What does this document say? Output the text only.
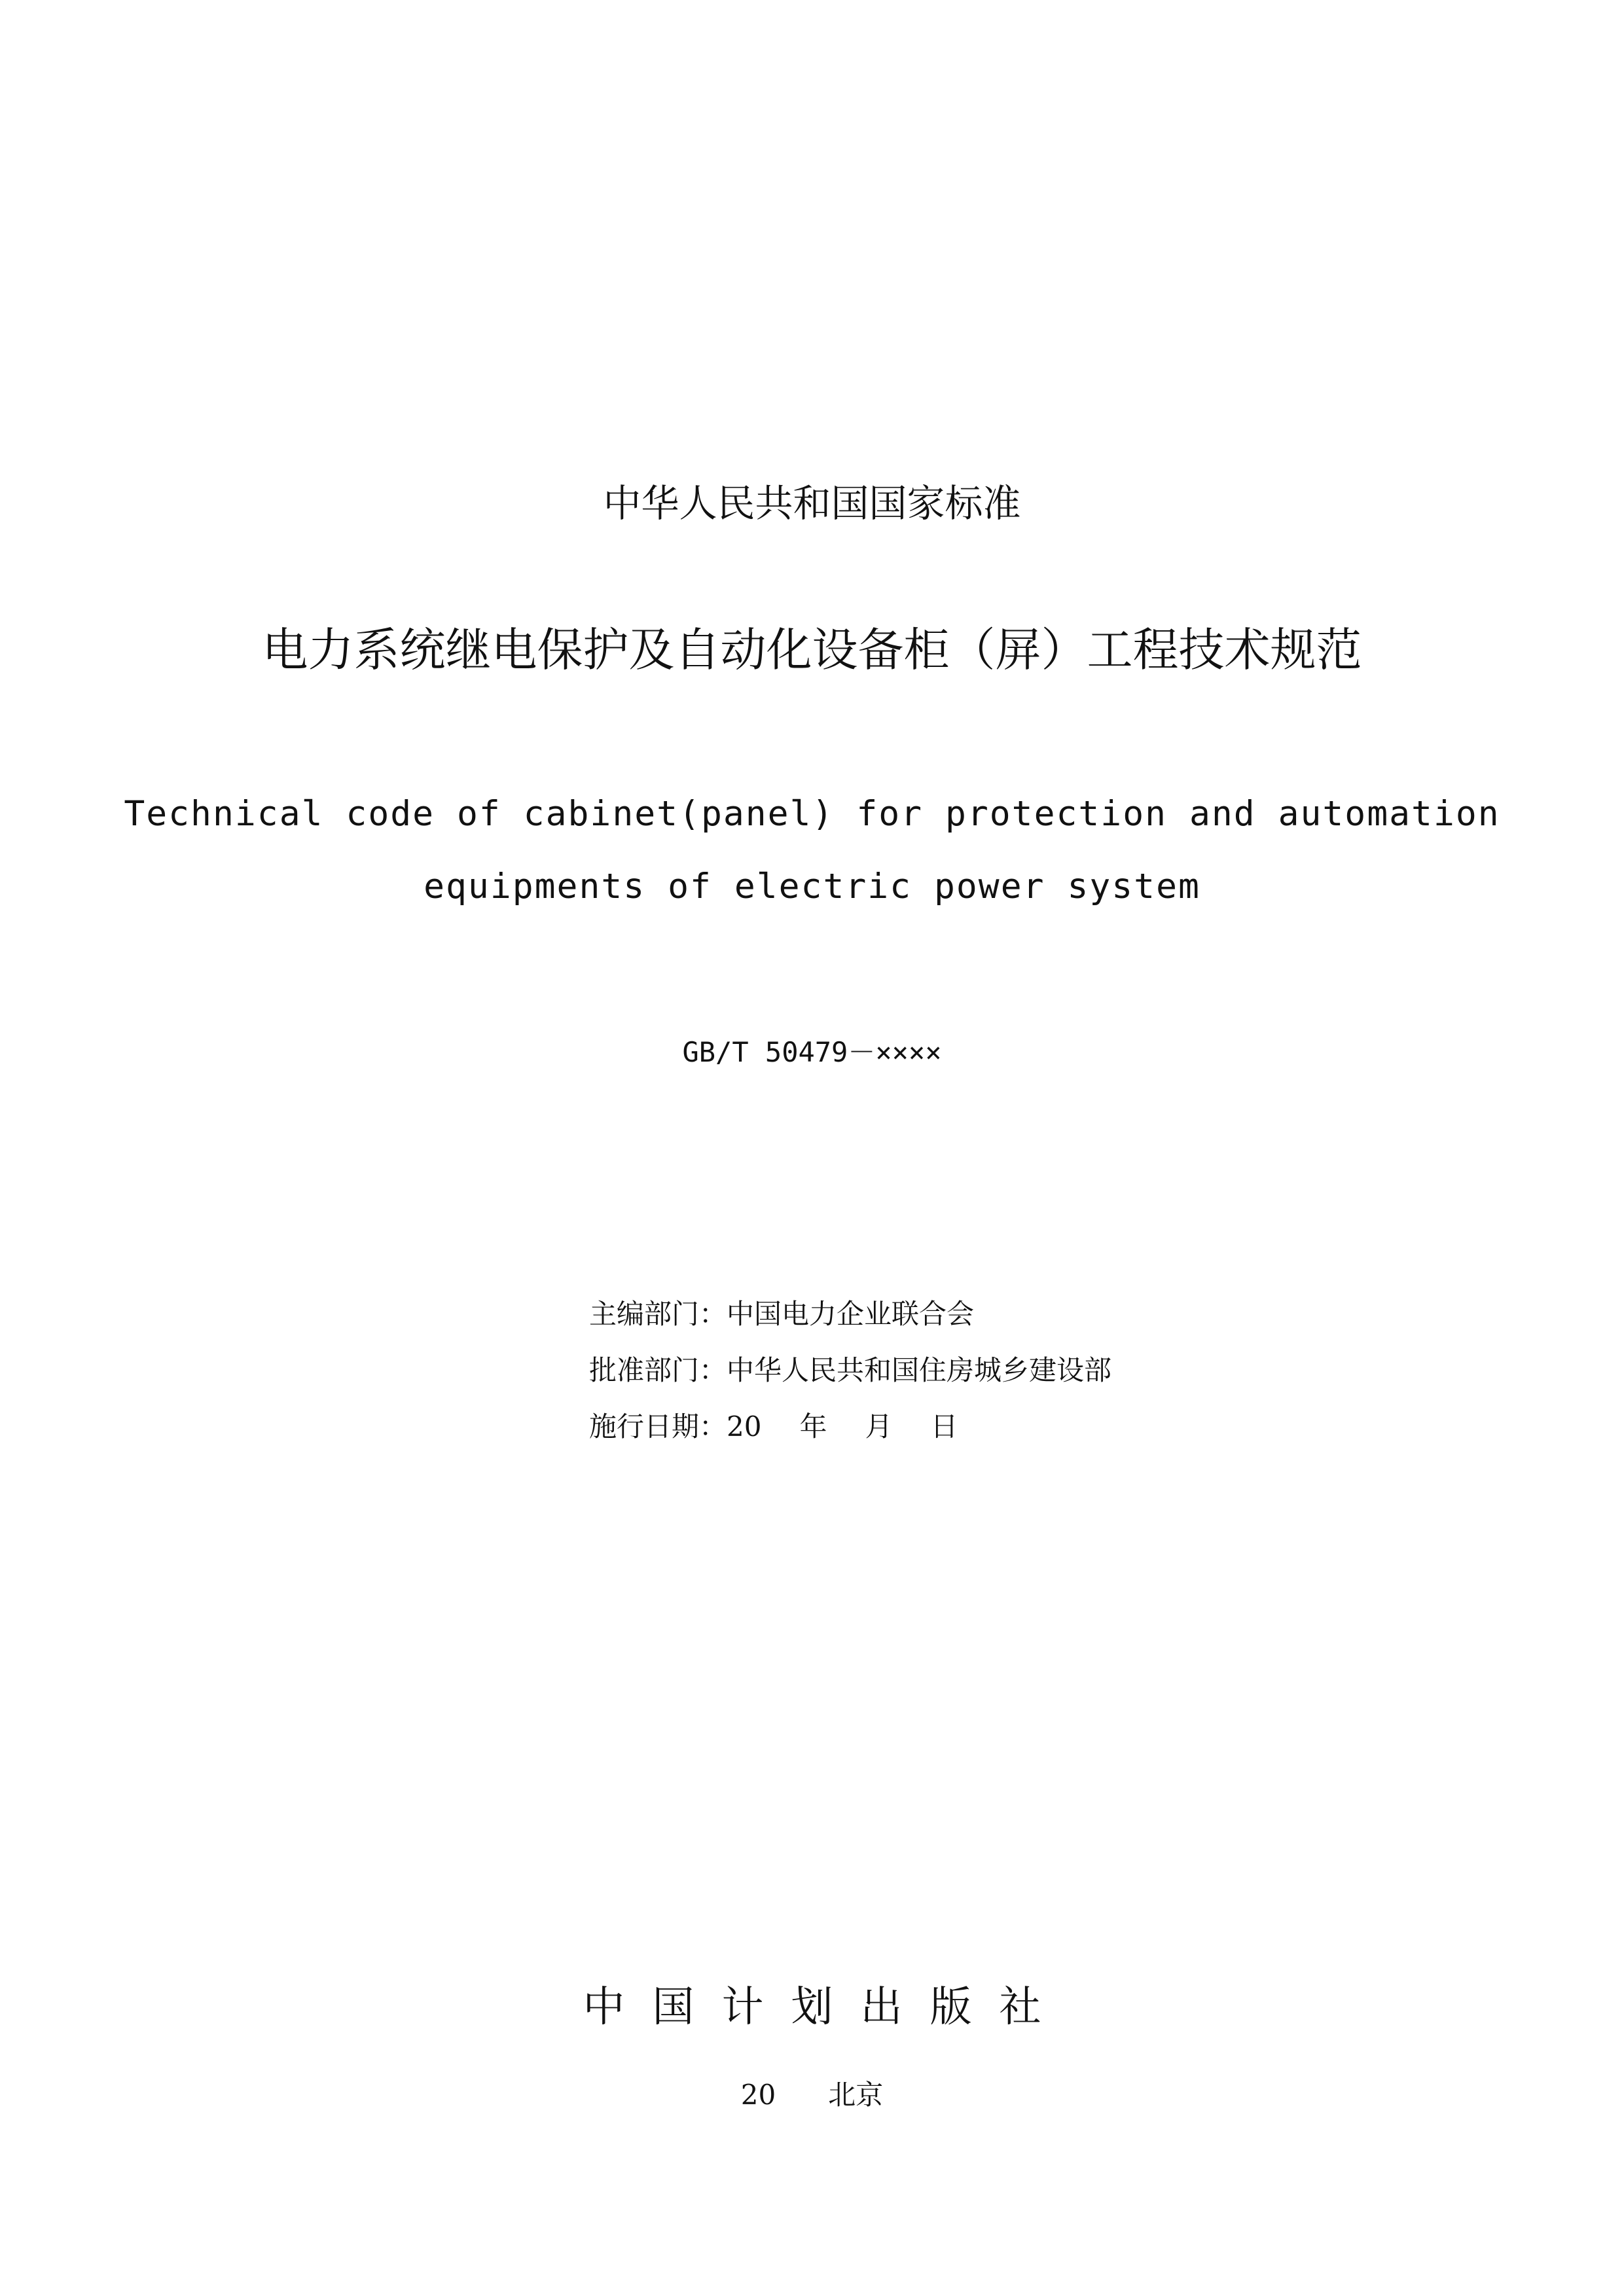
中华人民共和国国家标准
电力系统继电保护及自动化设备柜（屏）工程技术规范
Technical code of cabinet(panel) for protection and automation
equipments of electric power system
GB/T 50479－××××
主编部门：中国电力企业联合会
批准部门：中华人民共和国住房城乡建设部
施行日期：20 年 月 日
中国计划出版社
20 北京
